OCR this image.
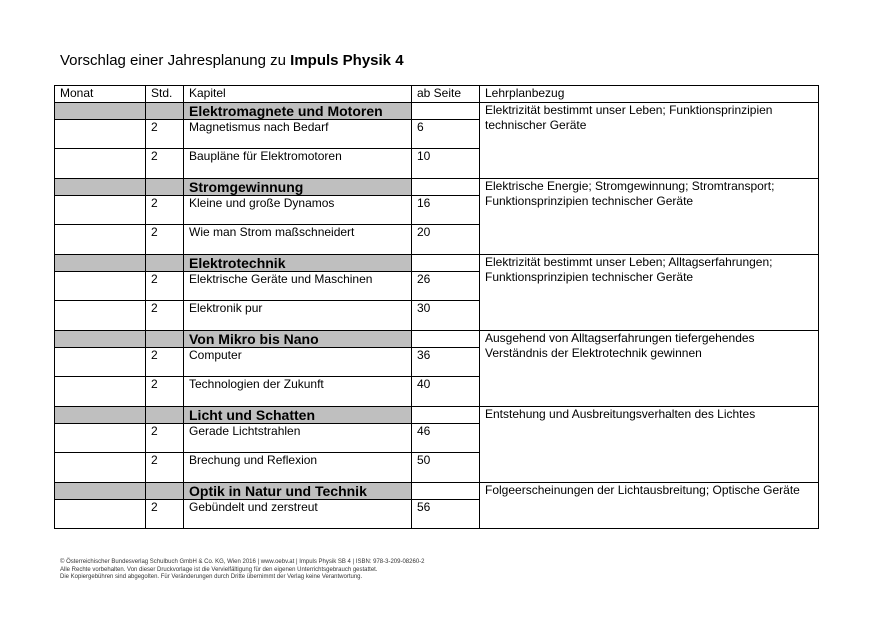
Vorschlag einer Jahresplanung zu Impuls Physik 4
Monat	Std.	Kapitel	ab Seite	Lehrplanbezug
		Elektromagnete und Motoren		Elektrizität bestimmt unser Leben; Funktionsprinzipien technischer Geräte
	2	Magnetismus nach Bedarf	6	
	2	Baupläne für Elektromotoren	10	
		Stromgewinnung		Elektrische Energie; Stromgewinnung; Stromtransport; Funktionsprinzipien technischer Geräte
	2	Kleine und große Dynamos	16	
	2	Wie man Strom maßschneidert	20	
		Elektrotechnik		Elektrizität bestimmt unser Leben; Alltagserfahrungen; Funktionsprinzipien technischer Geräte
	2	Elektrische Geräte und Maschinen	26	
	2	Elektronik pur	30	
		Von Mikro bis Nano		Ausgehend von Alltagserfahrungen tiefergehendes Verständnis der Elektrotechnik gewinnen
	2	Computer	36	
	2	Technologien der Zukunft	40	
		Licht und Schatten		Entstehung und Ausbreitungsverhalten des Lichtes
	2	Gerade Lichtstrahlen	46	
	2	Brechung und Reflexion	50	
		Optik in Natur und Technik		Folgeerscheinungen der Lichtausbreitung; Optische Geräte
	2	Gebündelt und zerstreut	56	
© Österreichischer Bundesverlag Schulbuch GmbH & Co. KG, Wien 2016 | www.oebv.at | Impuls Physik SB 4 | ISBN: 978-3-209-08260-2
Alle Rechte vorbehalten. Von dieser Druckvorlage ist die Vervielfältigung für den eigenen Unterrichtsgebrauch gestattet.
Die Kopiergebühren sind abgegolten. Für Veränderungen durch Dritte übernimmt der Verlag keine Verantwortung.
